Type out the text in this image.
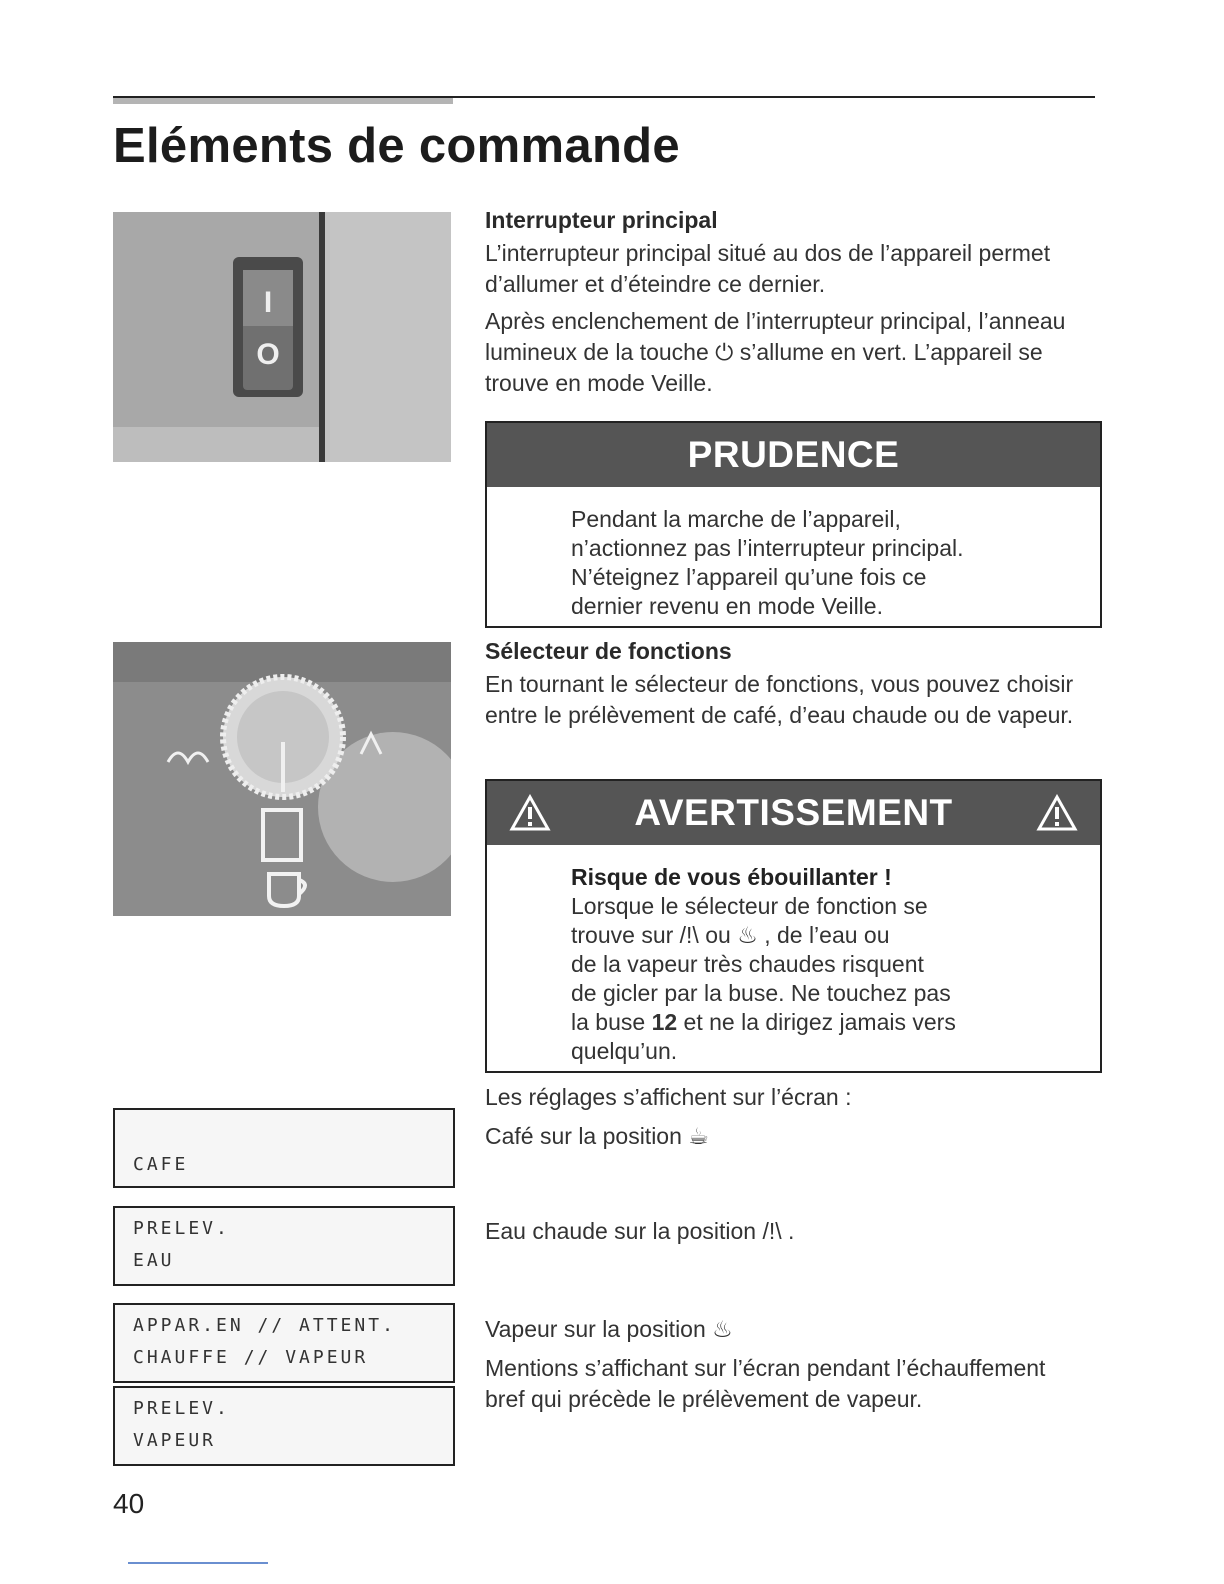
Eléments de commande
I
O

Interrupteur principal

L’interrupteur principal situé au dos de l’appareil permet d’allumer et d’éteindre ce dernier.

Après enclenchement de l’interrupteur principal, l’anneau lumineux de la touche ⏻ s’allume en vert. L’appareil se trouve en mode Veille.

PRUDENCE
Pendant la marche de l’appareil,
n’actionnez pas l’interrupteur principal.
N’éteignez l’appareil qu’une fois ce
dernier revenu en mode Veille.

Sélecteur de fonctions

En tournant le sélecteur de fonctions, vous pouvez choisir entre le prélèvement de café, d’eau chaude ou de vapeur.

AVERTISSEMENT
Risque de vous ébouillanter !
Lorsque le sélecteur de fonction se
trouve sur /!\ ou ♨ , de l’eau ou
de la vapeur très chaudes risquent
de gicler par la buse. Ne touchez pas
la buse 12 et ne la dirigez jamais vers
quelqu’un.
Les réglages s’affichent sur l’écran :
CAFE
Café sur la position ☕
PRELEV.
EAU
Eau chaude sur la position /!\ .
APPAR.EN // ATTENT.
CHAUFFE // VAPEUR
Vapeur sur la position ♨
PRELEV.
VAPEUR
Mentions s’affichant sur l’écran pendant l’échauffement bref qui précède le prélèvement de vapeur.
40
